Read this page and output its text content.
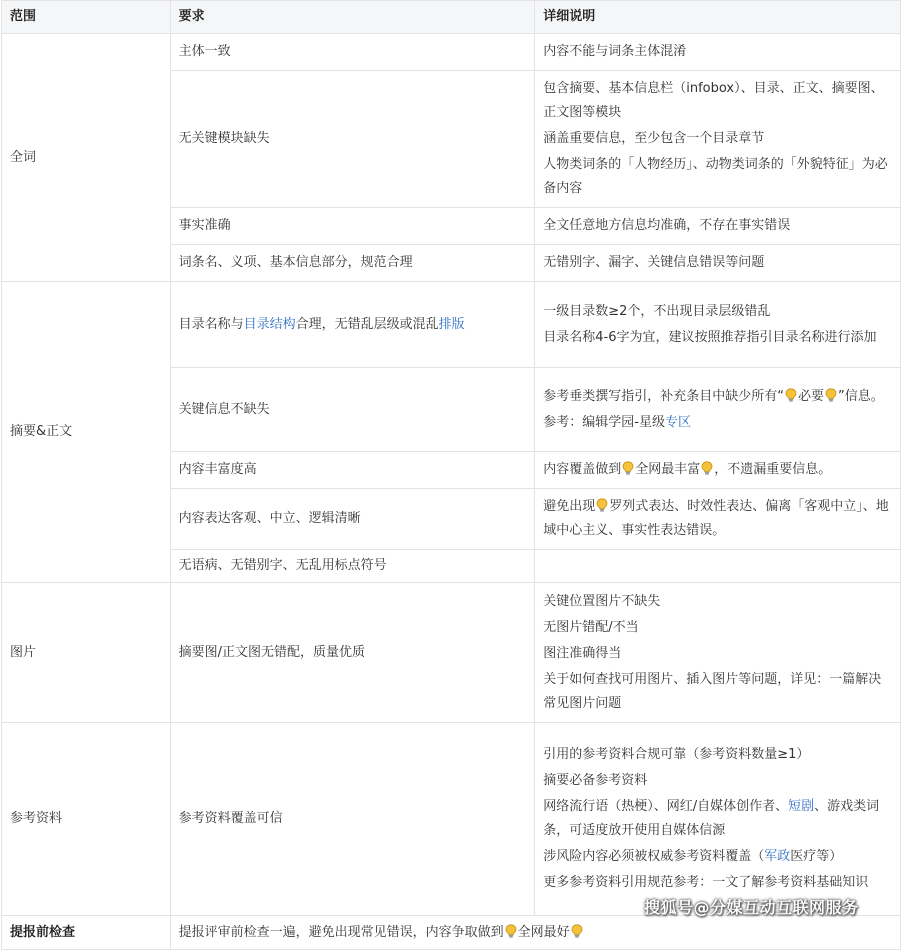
范围	要求	详细说明
全词	主体一致	内容不能与词条主体混淆

	无关键模块缺失	包含摘要、基本信息栏（infobox）、目录、正文、摘要图、正文图等模块
涵盖重要信息，至少包含一个目录章节
人物类词条的「人物经历」、动物类词条的「外貌特征」为必备内容

	事实准确	全文任意地方信息均准确，不存在事实错误

	词条名、义项、基本信息部分，规范合理	无错别字、漏字、关键信息错误等问题

摘要&正文	目录名称与目录结构合理，无错乱层级或混乱排版	一级目录数≥2个，不出现目录层级错乱
目录名称4-6字为宜，建议按照推荐指引目录名称进行添加

	关键信息不缺失	参考垂类撰写指引，补充条目中缺少所有“ 必要 ”信息。
参考：编辑学园-星级专区

	内容丰富度高	内容覆盖做到 全网最丰富 ，不遗漏重要信息。

	内容表达客观、中立、逻辑清晰	避免出现 罗列式表达、时效性表达、偏离「客观中立」、地域中心主义、事实性表达错误。

	无语病、无错别字、无乱用标点符号	
图片	摘要图/正文图无错配，质量优质	关键位置图片不缺失
无图片错配/不当
图注准确得当
关于如何查找可用图片、插入图片等问题，详见：一篇解决常见图片问题

参考资料	参考资料覆盖可信	引用的参考资料合规可靠（参考资料数量≥1）
摘要必备参考资料
网络流行语（热梗）、网红/自媒体创作者、短剧、游戏类词条，可适度放开使用自媒体信源
涉风险内容必须被权威参考资料覆盖（军政医疗等）
更多参考资料引用规范参考：一文了解参考资料基础知识

提报前检查	提报评审前检查一遍，避免出现常见错误，内容争取做到 全网最好	
搜狐号@分媒互动互联网服务
